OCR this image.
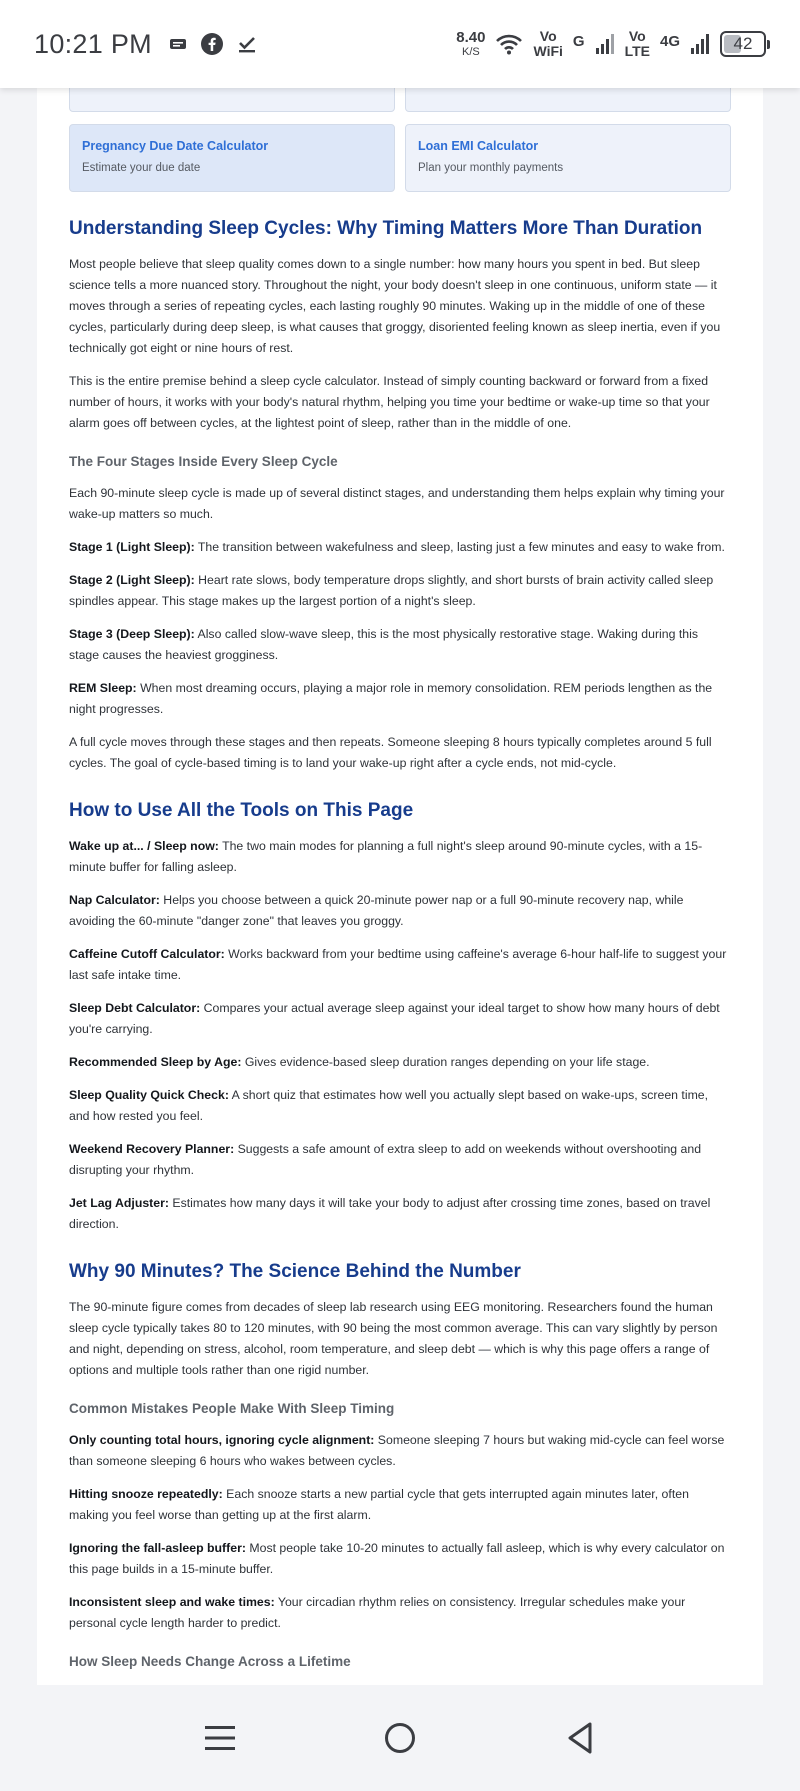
10:21 PM	8.40
K/S
Vo
WiFi
G	Vo
LTE
4G	42
Pregnancy Due Date Calculator
Estimate your due date
Loan EMI Calculator
Plan your monthly payments
Understanding Sleep Cycles: Why Timing Matters More Than Duration

Most people believe that sleep quality comes down to a single number: how many hours you spent in bed. But sleep science tells a more nuanced story. Throughout the night, your body doesn't sleep in one continuous, uniform state — it moves through a series of repeating cycles, each lasting roughly 90 minutes. Waking up in the middle of one of these cycles, particularly during deep sleep, is what causes that groggy, disoriented feeling known as sleep inertia, even if you technically got eight or nine hours of rest.

This is the entire premise behind a sleep cycle calculator. Instead of simply counting backward or forward from a fixed number of hours, it works with your body's natural rhythm, helping you time your bedtime or wake-up time so that your alarm goes off between cycles, at the lightest point of sleep, rather than in the middle of one.

The Four Stages Inside Every Sleep Cycle

Each 90-minute sleep cycle is made up of several distinct stages, and understanding them helps explain why timing your wake-up matters so much.

Stage 1 (Light Sleep): The transition between wakefulness and sleep, lasting just a few minutes and easy to wake from.

Stage 2 (Light Sleep): Heart rate slows, body temperature drops slightly, and short bursts of brain activity called sleep spindles appear. This stage makes up the largest portion of a night's sleep.

Stage 3 (Deep Sleep): Also called slow-wave sleep, this is the most physically restorative stage. Waking during this stage causes the heaviest grogginess.

REM Sleep: When most dreaming occurs, playing a major role in memory consolidation. REM periods lengthen as the night progresses.

A full cycle moves through these stages and then repeats. Someone sleeping 8 hours typically completes around 5 full cycles. The goal of cycle-based timing is to land your wake-up right after a cycle ends, not mid-cycle.

How to Use All the Tools on This Page

Wake up at... / Sleep now: The two main modes for planning a full night's sleep around 90-minute cycles, with a 15-minute buffer for falling asleep.

Nap Calculator: Helps you choose between a quick 20-minute power nap or a full 90-minute recovery nap, while avoiding the 60-minute "danger zone" that leaves you groggy.

Caffeine Cutoff Calculator: Works backward from your bedtime using caffeine's average 6-hour half-life to suggest your last safe intake time.

Sleep Debt Calculator: Compares your actual average sleep against your ideal target to show how many hours of debt you're carrying.

Recommended Sleep by Age: Gives evidence-based sleep duration ranges depending on your life stage.

Sleep Quality Quick Check: A short quiz that estimates how well you actually slept based on wake-ups, screen time, and how rested you feel.

Weekend Recovery Planner: Suggests a safe amount of extra sleep to add on weekends without overshooting and disrupting your rhythm.

Jet Lag Adjuster: Estimates how many days it will take your body to adjust after crossing time zones, based on travel direction.

Why 90 Minutes? The Science Behind the Number

The 90-minute figure comes from decades of sleep lab research using EEG monitoring. Researchers found the human sleep cycle typically takes 80 to 120 minutes, with 90 being the most common average. This can vary slightly by person and night, depending on stress, alcohol, room temperature, and sleep debt — which is why this page offers a range of options and multiple tools rather than one rigid number.

Common Mistakes People Make With Sleep Timing

Only counting total hours, ignoring cycle alignment: Someone sleeping 7 hours but waking mid-cycle can feel worse than someone sleeping 6 hours who wakes between cycles.

Hitting snooze repeatedly: Each snooze starts a new partial cycle that gets interrupted again minutes later, often making you feel worse than getting up at the first alarm.

Ignoring the fall-asleep buffer: Most people take 10-20 minutes to actually fall asleep, which is why every calculator on this page builds in a 15-minute buffer.

Inconsistent sleep and wake times: Your circadian rhythm relies on consistency. Irregular schedules make your personal cycle length harder to predict.

How Sleep Needs Change Across a Lifetime
